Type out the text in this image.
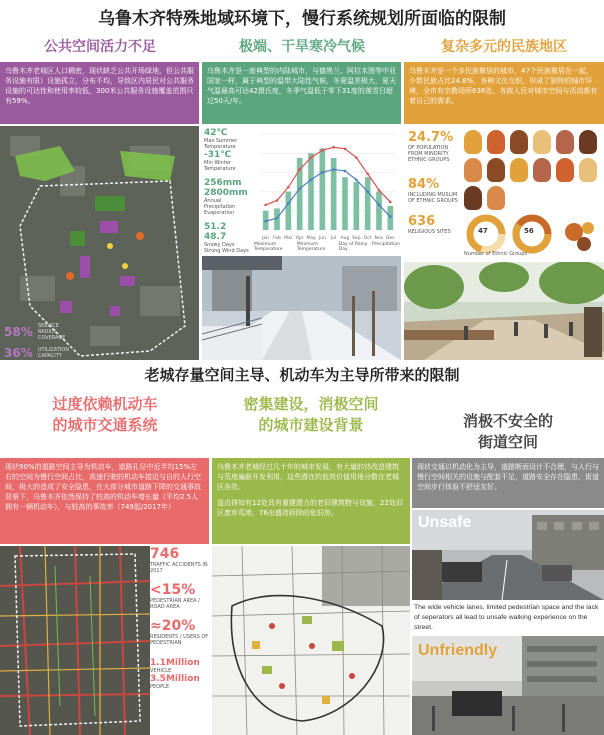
乌鲁木齐特殊地域环境下，慢行系统规划所面临的限制
公共空间活力不足
乌鲁木齐老城区人口稠密，现状缺乏公共开场绿地，但公共服务设施有限）设施孤立，分布不均，导致区内居民对公共服务设施的可达性和使用率较低，300米公共服务设施覆盖范围只有59%。
58% SERVICE RADIUS COVERAGE
36% UTILIZATION CAPACITY
极端、干旱寒冷气候
乌鲁木齐是一座典型的内陆城市，与德黑兰、阿拉木图等中亚国家一样，属于典型的温带大陆性气候，冬夏温差极大，夏天气温最高可达42摄氏度，冬季气温低于零下31度的落雪日超过50天/年。
42℃
Max Summer Temperature
-31℃
Min Winter Temperature
256mm
2800mm
Annual Precipitation
Evaporation
51.2
48.7
Snowy Days
Strong Wind Days
Jan Feb Mar Apr May Jun Jul Aug Sep Oct Nov Dec
Maximum Temperature
Minimum Temperature
Day of Rainy Day
Precipitation
复杂多元的民族地区
乌鲁木齐是一个多民族聚居的城市，47个民族聚居在一起，少数民族占比24.8%，各种文化交织，形成了独特的城市环境，全市有宗教场所636处，各族人民对城市空间与活动都有着自己的需求。
24.7%
OF POPULATION FROM MINORITY ETHNIC GROUPS
84%
INCLUDING MUSLIM OF ETHNIC GROUPS
636
RELIGIOUS SITES	47	56
Number of Ethnic Groups
老城存量空间主导、机动车为主导所带来的限制
过度依赖机动车
的城市交通系统
现状90%的道路空间主导为机动车，道路孔径中近半均15%左右的空间为慢行空间占比，高速行驶的机动车接近与自的人行空间，极大的造成了安全隐患，在大部分城市道路下降的交通事故背景下，乌鲁木齐依然保持了较高的机动车增长量（平均2.5人拥有一辆机动车），与较高的事故率（749起/2017年）
746
TRAFFIC ACCIDENTS IN 2017
<15%
PEDESTRIAN AREA / ROAD AREA
≈20%
RESIDENTS / USERS OF PEDESTRIAN
1.1Million
VEHICLE
3.5Million
PEOPLE
密集建设，消极空间
的城市建设背景
乌鲁木齐老城经过几十年的城市发展，有大量的待改造建筑与荒地遍新开发利用，这些潜在的低效价值用地分散在老城区各处。
盘点得知有12处具有重建潜力的老旧建筑物与设施，22处旧区废弃荒地，76出盛待拆除的危旧房。
消极不安全的
街道空间
现状交通以机动化为主导，道路断面设计不合理，与人行与慢行空间相关的设施与配套不足，道路安全存在隐患，街道空间步行体验不舒适友好。
Unsafe
The wide vehicle lanes, limited pedestrian space and the lack of seperators all lead to unsafe walking experience on the street.
Unfriendly
